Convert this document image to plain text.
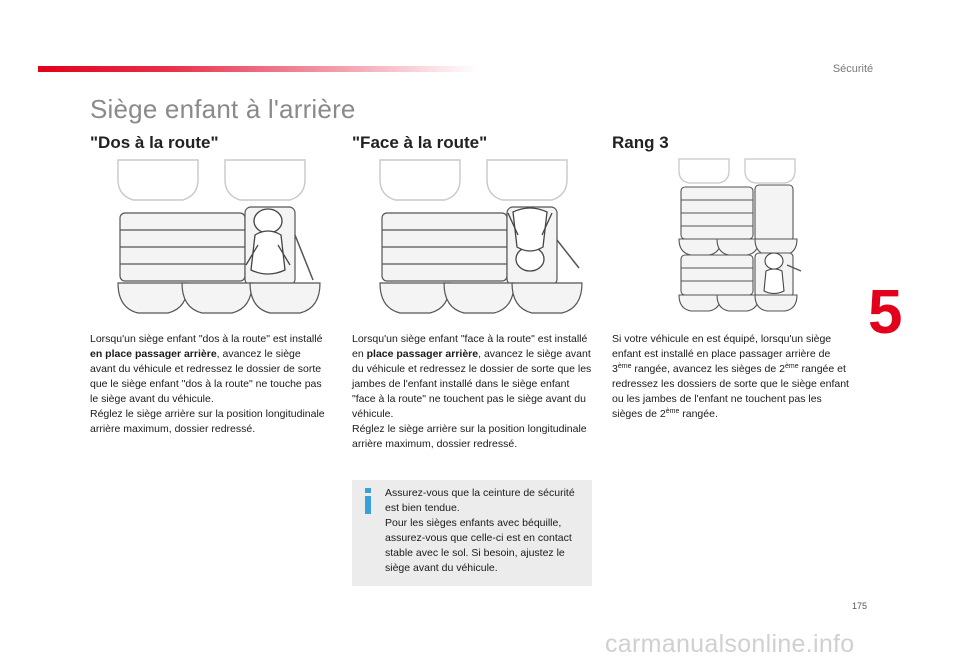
Sécurité
Siège enfant à l'arrière
"Dos à la route"	"Face à la route"	Rang 3

Lorsqu'un siège enfant "dos à la route" est installé en place passager arrière, avancez le siège avant du véhicule et redressez le dossier de sorte que le siège enfant "dos à la route" ne touche pas le siège avant du véhicule.

Réglez le siège arrière sur la position longitudinale arrière maximum, dossier redressé.

Lorsqu'un siège enfant "face à la route" est installé en place passager arrière, avancez le siège avant du véhicule et redressez le dossier de sorte que les jambes de l'enfant installé dans le siège enfant "face à la route" ne touchent pas le siège avant du véhicule.

Réglez le siège arrière sur la position longitudinale arrière maximum, dossier redressé.

Si votre véhicule en est équipé, lorsqu'un siège enfant est installé en place passager arrière de 3ème rangée, avancez les sièges de 2ème rangée et redressez les dossiers de sorte que le siège enfant ou les jambes de l'enfant ne touchent pas les sièges de 2ème rangée.

Assurez-vous que la ceinture de sécurité est bien tendue.

Pour les sièges enfants avec béquille, assurez-vous que celle-ci est en contact stable avec le sol. Si besoin, ajustez le siège avant du véhicule.

5
175
carmanualsonline.info
